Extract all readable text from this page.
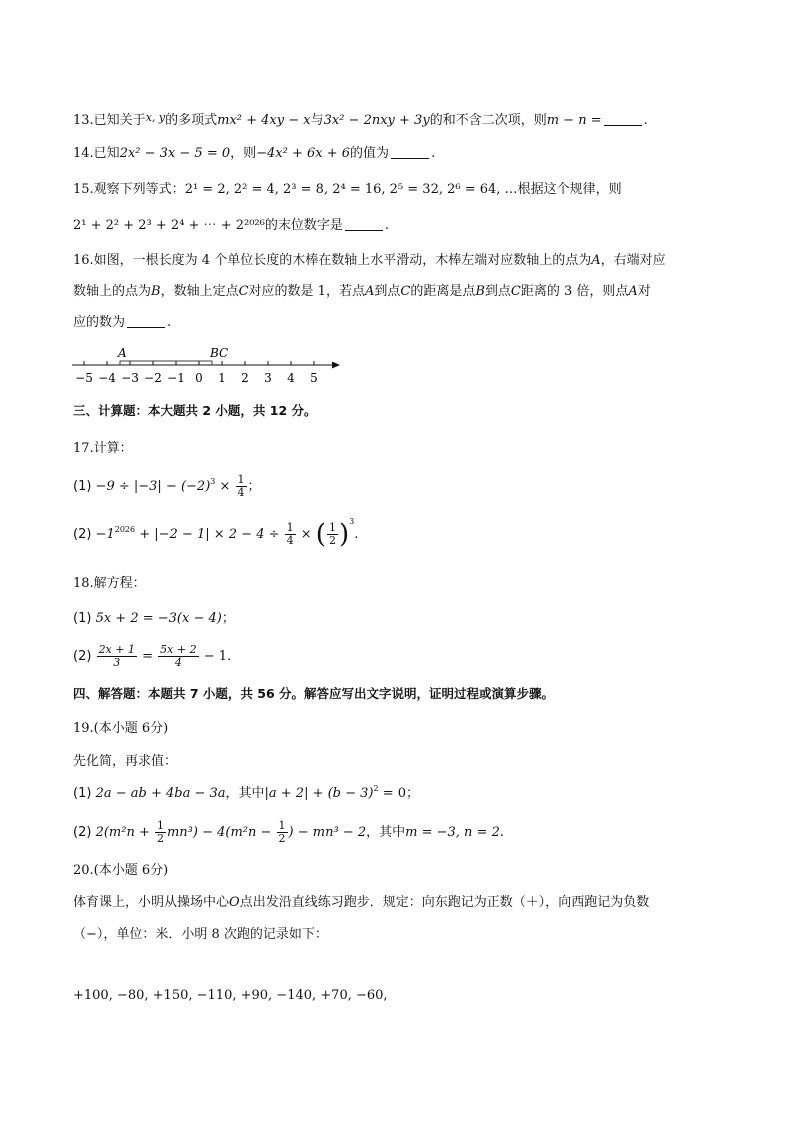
13.已知关于$^{x, y}$的多项式mx² + 4xy − x与3x² − 2nxy + 3y的和不含二次项，则m − n =	.
14.已知2x² − 3x − 5 = 0，则−4x² + 6x + 6的值为	.
15.观察下列等式：2¹ = 2, 2² = 4, 2³ = 8, 2⁴ = 16, 2⁵ = 32, 2⁶ = 64, …根据这个规律，则
2¹ + 2² + 2³ + 2⁴ + ⋯ + 2²⁰²⁶的末位数字是	.
16.如图，一根长度为 4 个单位长度的木棒在数轴上水平滑动，木棒左端对应数轴上的点为A，右端对应
数轴上的点为B，数轴上定点C对应的数是 1，若点A到点C的距离是点B到点C距离的 3 倍，则点A对
应的数为	.
−5 −4 −3 −2 −1 0 1 2 3 4 5
A	BC
三、计算题：本大题共 2 小题，共 12 分。
17.计算：
$(1) -9 \div |-3| - (-2)^3 \times \frac{1}{4}$ ；
$(2) -1^{2026} + |-2 - 1| \times 2 - 4 \div \frac{1}{4}$ × ( $\frac{1}{2} )^3$.
18.解方程：
(1) 5x + 2 = −3(x − 4)；
$(2) \frac{2x + 1}{3} = \frac{5x + 2}{4} - 1$.
四、解答题：本题共 7 小题，共 56 分。解答应写出文字说明，证明过程或演算步骤。
19.(本小题 6分)
先化简，再求值：
(1) 2a − ab + 4ba − 3a，其中$|a + 2| + (b - 3)^2 = 0$；
(2) $2(m^2n + \frac{1}{2} mn^3) - 4(m^2n - \frac{1}{2}$ ) − mn³ − 2，其中m = −3, n = 2.
20.(本小题 6分)
体育课上，小明从操场中心O点出发沿直线练习跑步．规定：向东跑记为正数（＋），向西跑记为负数
（−），单位：米．小明 8 次跑的记录如下：
+100, −80, +150, −110, +90, −140, +70, −60,
